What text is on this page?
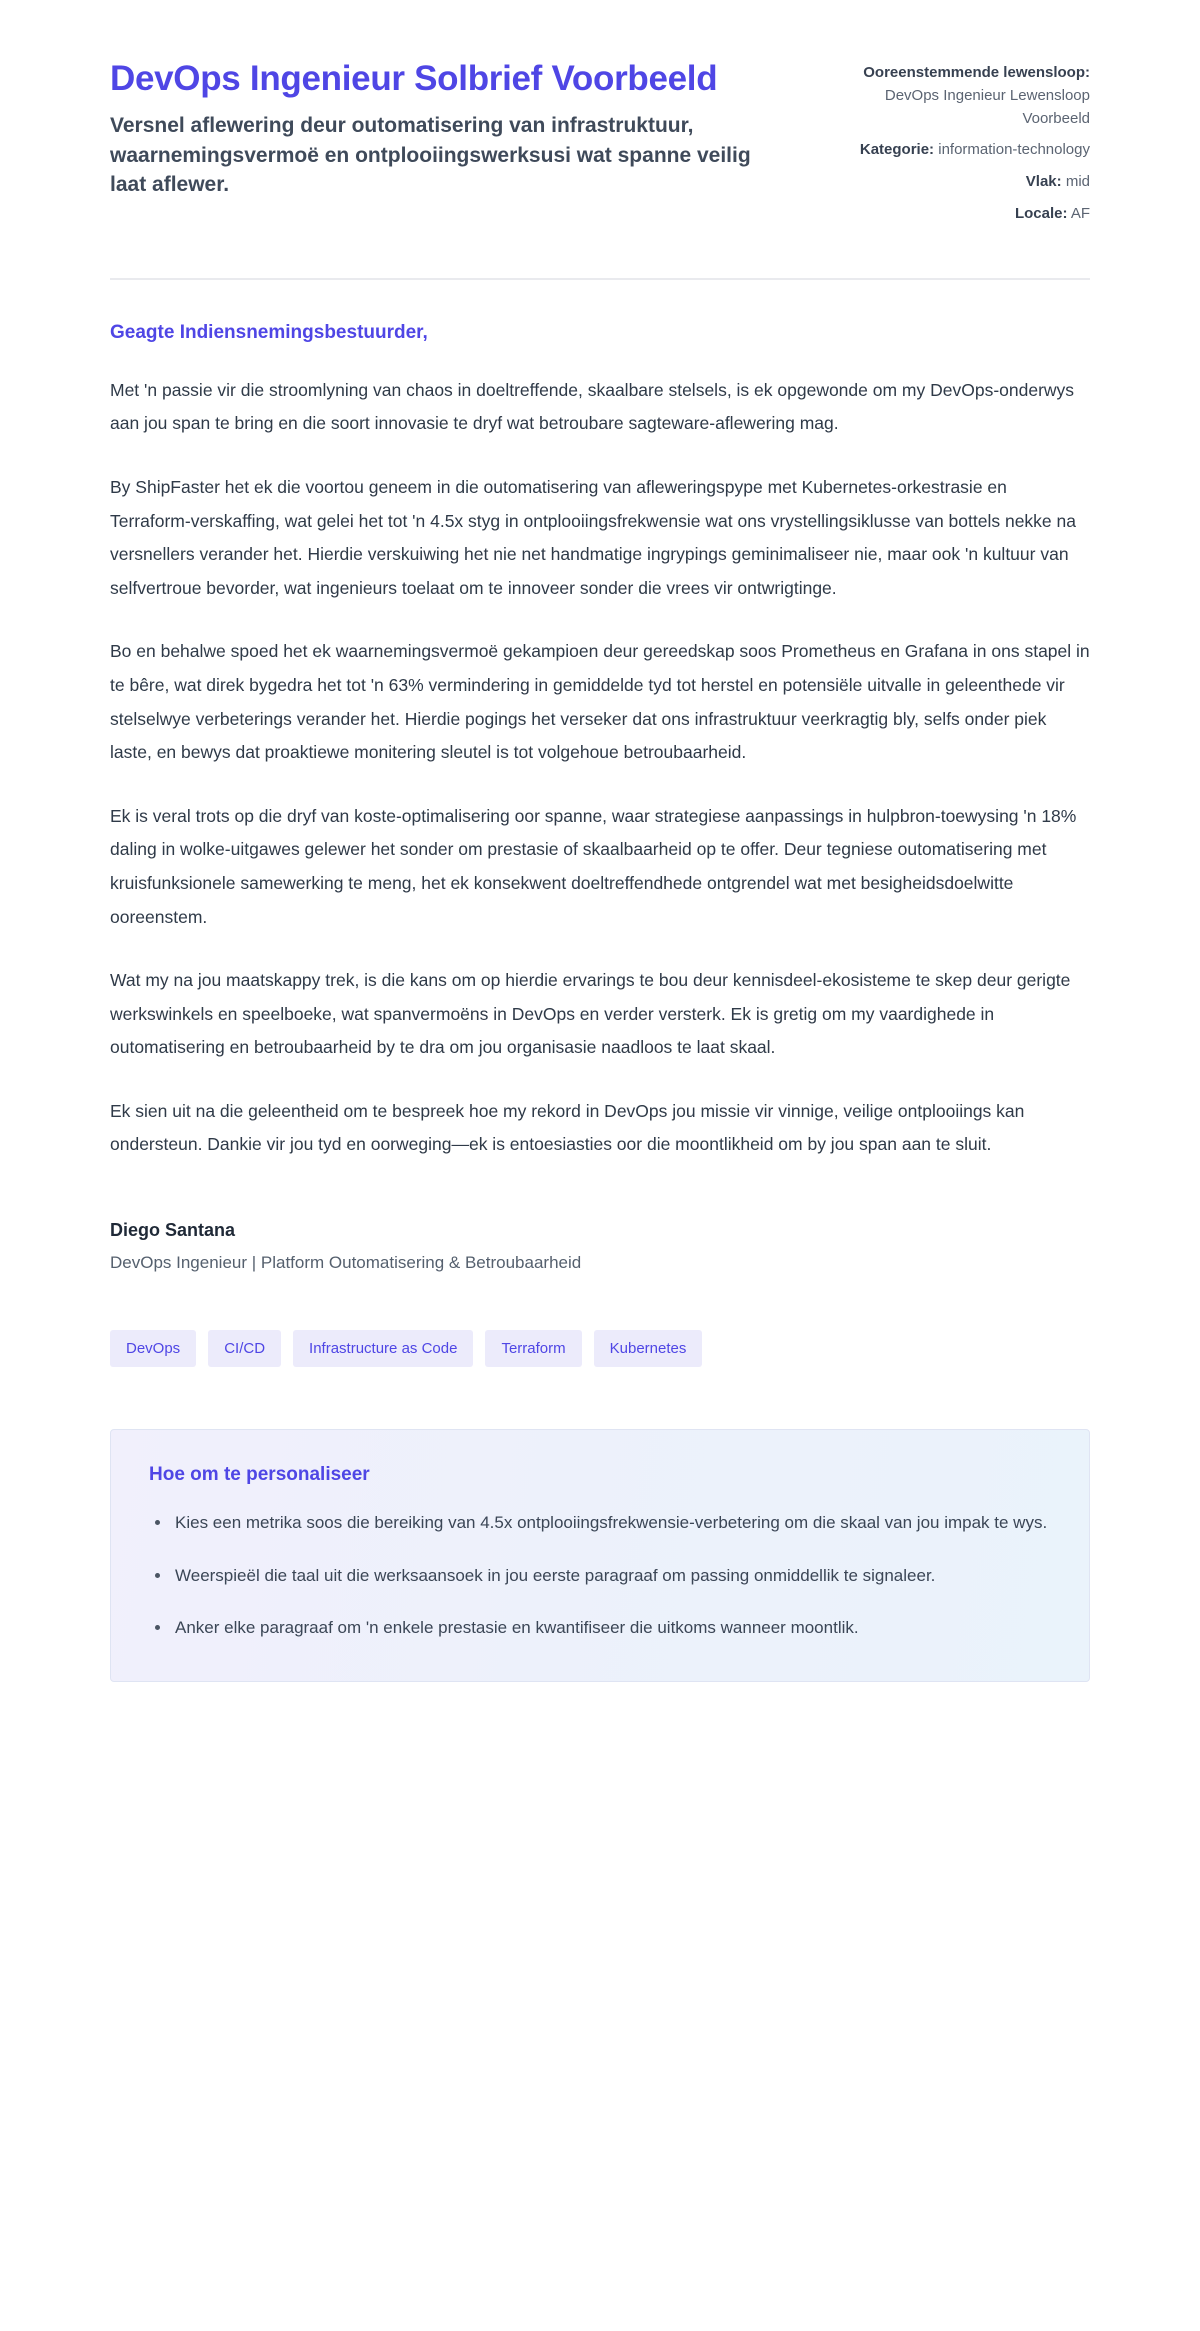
DevOps Ingenieur Solbrief Voorbeeld

Versnel aflewering deur outomatisering van infrastruktuur, waarnemingsvermoë en ontplooiingswerksusi wat spanne veilig laat aflewer.

Ooreenstemmende lewensloop: DevOps Ingenieur Lewensloop Voorbeeld
Kategorie: information-technology
Vlak: mid
Locale: AF

Geagte Indiensnemingsbestuurder,

Met 'n passie vir die stroomlyning van chaos in doeltreffende, skaalbare stelsels, is ek opgewonde om my DevOps-onderwys aan jou span te bring en die soort innovasie te dryf wat betroubare sagteware-aflewering mag.

By ShipFaster het ek die voortou geneem in die outomatisering van afleweringspype met Kubernetes-orkestrasie en Terraform-verskaffing, wat gelei het tot 'n 4.5x styg in ontplooiingsfrekwensie wat ons vrystellingsiklusse van bottels nekke na versnellers verander het. Hierdie verskuiwing het nie net handmatige ingrypings geminimaliseer nie, maar ook 'n kultuur van selfvertroue bevorder, wat ingenieurs toelaat om te innoveer sonder die vrees vir ontwrigtinge.

Bo en behalwe spoed het ek waarnemingsvermoë gekampioen deur gereedskap soos Prometheus en Grafana in ons stapel in te bêre, wat direk bygedra het tot 'n 63% vermindering in gemiddelde tyd tot herstel en potensiële uitvalle in geleenthede vir stelselwye verbeterings verander het. Hierdie pogings het verseker dat ons infrastruktuur veerkragtig bly, selfs onder piek laste, en bewys dat proaktiewe monitering sleutel is tot volgehoue betroubaarheid.

Ek is veral trots op die dryf van koste-optimalisering oor spanne, waar strategiese aanpassings in hulpbron-toewysing 'n 18% daling in wolke-uitgawes gelewer het sonder om prestasie of skaalbaarheid op te offer. Deur tegniese outomatisering met kruisfunksionele samewerking te meng, het ek konsekwent doeltreffendhede ontgrendel wat met besigheidsdoelwitte ooreenstem.

Wat my na jou maatskappy trek, is die kans om op hierdie ervarings te bou deur kennisdeel-ekosisteme te skep deur gerigte werkswinkels en speelboeke, wat spanvermoëns in DevOps en verder versterk. Ek is gretig om my vaardighede in outomatisering en betroubaarheid by te dra om jou organisasie naadloos te laat skaal.

Ek sien uit na die geleentheid om te bespreek hoe my rekord in DevOps jou missie vir vinnige, veilige ontplooiings kan ondersteun. Dankie vir jou tyd en oorweging—ek is entoesiasties oor die moontlikheid om by jou span aan te sluit.

Diego Santana

DevOps Ingenieur | Platform Outomatisering & Betroubaarheid

DevOps	CI/CD	Infrastructure as Code	Terraform	Kubernetes
Hoe om te personaliseer
Kies een metrika soos die bereiking van 4.5x ontplooiingsfrekwensie-verbetering om die skaal van jou impak te wys.
Weerspieël die taal uit die werksaansoek in jou eerste paragraaf om passing onmiddellik te signaleer.
Anker elke paragraaf om 'n enkele prestasie en kwantifiseer die uitkoms wanneer moontlik.
